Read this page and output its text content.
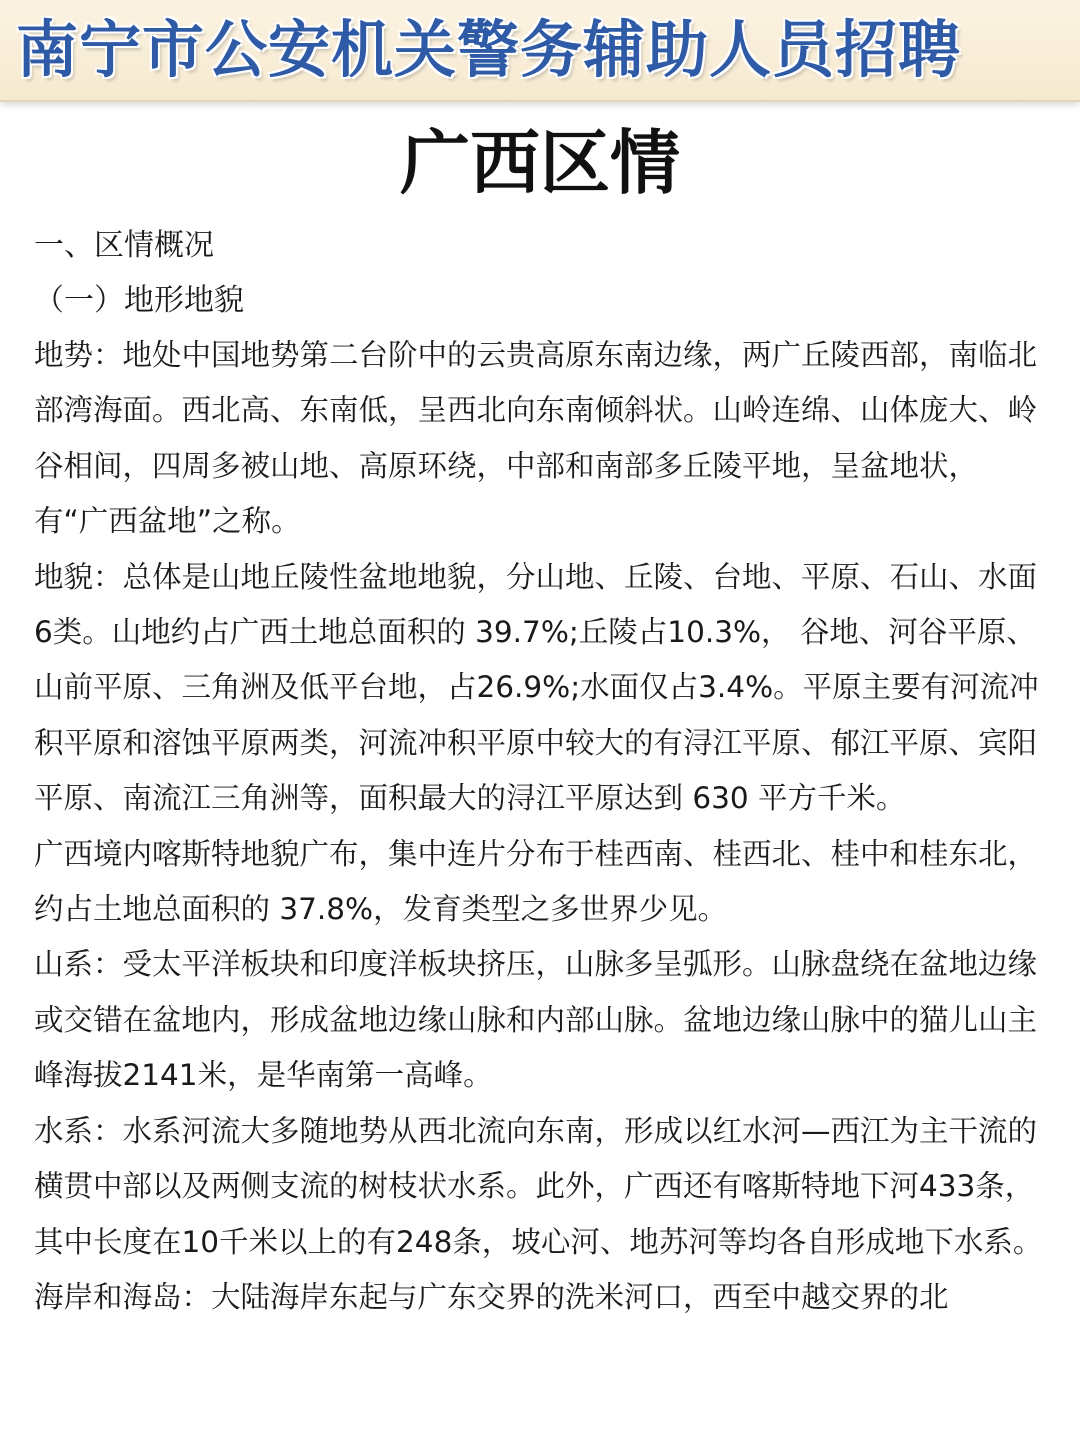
南宁市公安机关警务辅助人员招聘
广西区情

一、区情概况

（一）地形地貌

地势：地处中国地势第二台阶中的云贵高原东南边缘，两广丘陵西部，南临北部湾海面。西北高、东南低，呈西北向东南倾斜状。山岭连绵、山体庞大、岭谷相间，四周多被山地、高原环绕，中部和南部多丘陵平地，呈盆地状，有“广西盆地”之称。

地貌：总体是山地丘陵性盆地地貌，分山地、丘陵、台地、平原、石山、水面6类。山地约占广西土地总面积的 39.7%;丘陵占10.3%， 谷地、河谷平原、山前平原、三角洲及低平台地，占26.9%;水面仅占3.4%。平原主要有河流冲积平原和溶蚀平原两类，河流冲积平原中较大的有浔江平原、郁江平原、宾阳平原、南流江三角洲等，面积最大的浔江平原达到 630 平方千米。

广西境内喀斯特地貌广布，集中连片分布于桂西南、桂西北、桂中和桂东北，约占土地总面积的 37.8%，发育类型之多世界少见。

山系：受太平洋板块和印度洋板块挤压，山脉多呈弧形。山脉盘绕在盆地边缘或交错在盆地内，形成盆地边缘山脉和内部山脉。盆地边缘山脉中的猫儿山主峰海拔2141米，是华南第一高峰。

水系：水系河流大多随地势从西北流向东南，形成以红水河—西江为主干流的横贯中部以及两侧支流的树枝状水系。此外，广西还有喀斯特地下河433条，其中长度在10千米以上的有248条，坡心河、地苏河等均各自形成地下水系。

海岸和海岛：大陆海岸东起与广东交界的洗米河口，西至中越交界的北
